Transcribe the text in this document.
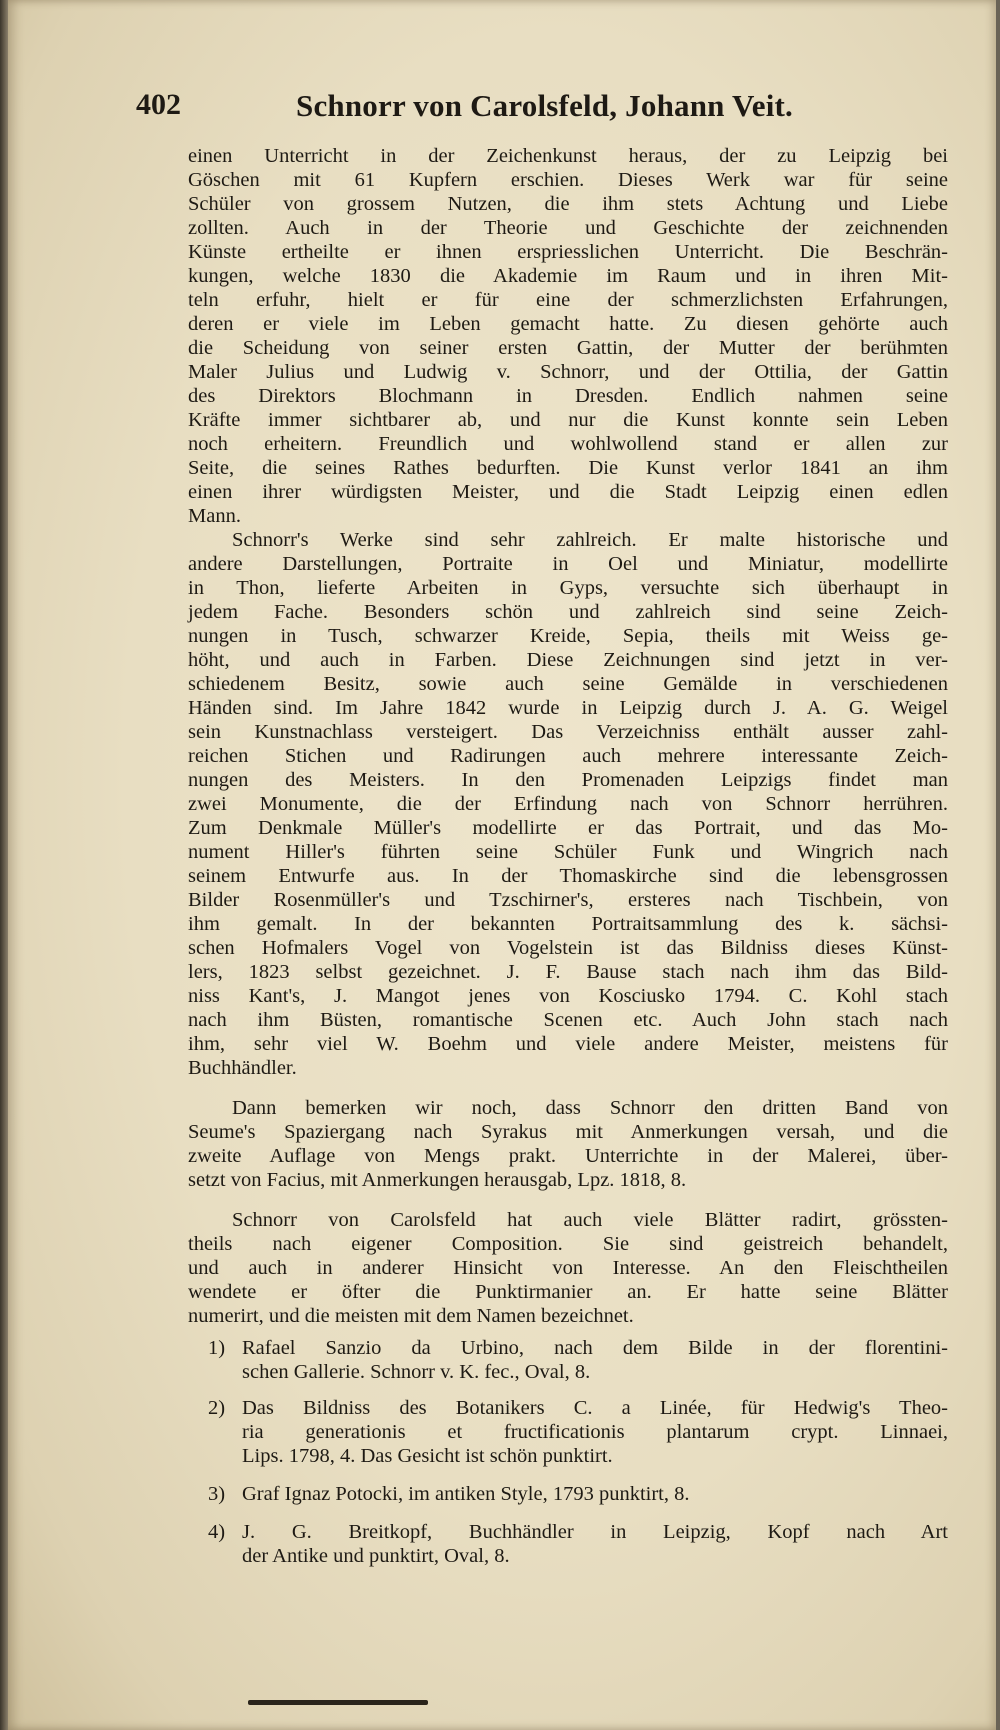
402	Schnorr von Carolsfeld, Johann Veit.
einen Unterricht in der Zeichenkunst heraus, der zu Leipzig bei
Göschen mit 61 Kupfern erschien. Dieses Werk war für seine
Schüler von grossem Nutzen, die ihm stets Achtung und Liebe
zollten. Auch in der Theorie und Geschichte der zeichnenden
Künste ertheilte er ihnen erspriesslichen Unterricht. Die Beschrän-
kungen, welche 1830 die Akademie im Raum und in ihren Mit-
teln erfuhr, hielt er für eine der schmerzlichsten Erfahrungen,
deren er viele im Leben gemacht hatte. Zu diesen gehörte auch
die Scheidung von seiner ersten Gattin, der Mutter der berühmten
Maler Julius und Ludwig v. Schnorr, und der Ottilia, der Gattin
des Direktors Blochmann in Dresden. Endlich nahmen seine
Kräfte immer sichtbarer ab, und nur die Kunst konnte sein Leben
noch erheitern. Freundlich und wohlwollend stand er allen zur
Seite, die seines Rathes bedurften. Die Kunst verlor 1841 an ihm
einen ihrer würdigsten Meister, und die Stadt Leipzig einen edlen
Mann.
Schnorr's Werke sind sehr zahlreich. Er malte historische und
andere Darstellungen, Portraite in Oel und Miniatur, modellirte
in Thon, lieferte Arbeiten in Gyps, versuchte sich überhaupt in
jedem Fache. Besonders schön und zahlreich sind seine Zeich-
nungen in Tusch, schwarzer Kreide, Sepia, theils mit Weiss ge-
höht, und auch in Farben. Diese Zeichnungen sind jetzt in ver-
schiedenem Besitz, sowie auch seine Gemälde in verschiedenen
Händen sind. Im Jahre 1842 wurde in Leipzig durch J. A. G. Weigel
sein Kunstnachlass versteigert. Das Verzeichniss enthält ausser zahl-
reichen Stichen und Radirungen auch mehrere interessante Zeich-
nungen des Meisters. In den Promenaden Leipzigs findet man
zwei Monumente, die der Erfindung nach von Schnorr herrühren.
Zum Denkmale Müller's modellirte er das Portrait, und das Mo-
nument Hiller's führten seine Schüler Funk und Wingrich nach
seinem Entwurfe aus. In der Thomaskirche sind die lebensgrossen
Bilder Rosenmüller's und Tzschirner's, ersteres nach Tischbein, von
ihm gemalt. In der bekannten Portraitsammlung des k. sächsi-
schen Hofmalers Vogel von Vogelstein ist das Bildniss dieses Künst-
lers, 1823 selbst gezeichnet. J. F. Bause stach nach ihm das Bild-
niss Kant's, J. Mangot jenes von Kosciusko 1794. C. Kohl stach
nach ihm Büsten, romantische Scenen etc. Auch John stach nach
ihm, sehr viel W. Boehm und viele andere Meister, meistens für
Buchhändler.
Dann bemerken wir noch, dass Schnorr den dritten Band von
Seume's Spaziergang nach Syrakus mit Anmerkungen versah, und die
zweite Auflage von Mengs prakt. Unterrichte in der Malerei, über-
setzt von Facius, mit Anmerkungen herausgab, Lpz. 1818, 8.
Schnorr von Carolsfeld hat auch viele Blätter radirt, grössten-
theils nach eigener Composition. Sie sind geistreich behandelt,
und auch in anderer Hinsicht von Interesse. An den Fleischtheilen
wendete er öfter die Punktirmanier an. Er hatte seine Blätter
numerirt, und die meisten mit dem Namen bezeichnet.
1) Rafael Sanzio da Urbino, nach dem Bilde in der florentini-
schen Gallerie. Schnorr v. K. fec., Oval, 8.
2) Das Bildniss des Botanikers C. a Linée, für Hedwig's Theo-
ria generationis et fructificationis plantarum crypt. Linnaei,
Lips. 1798, 4. Das Gesicht ist schön punktirt.
3) Graf Ignaz Potocki, im antiken Style, 1793 punktirt, 8.
4) J. G. Breitkopf, Buchhändler in Leipzig, Kopf nach Art
der Antike und punktirt, Oval, 8.
